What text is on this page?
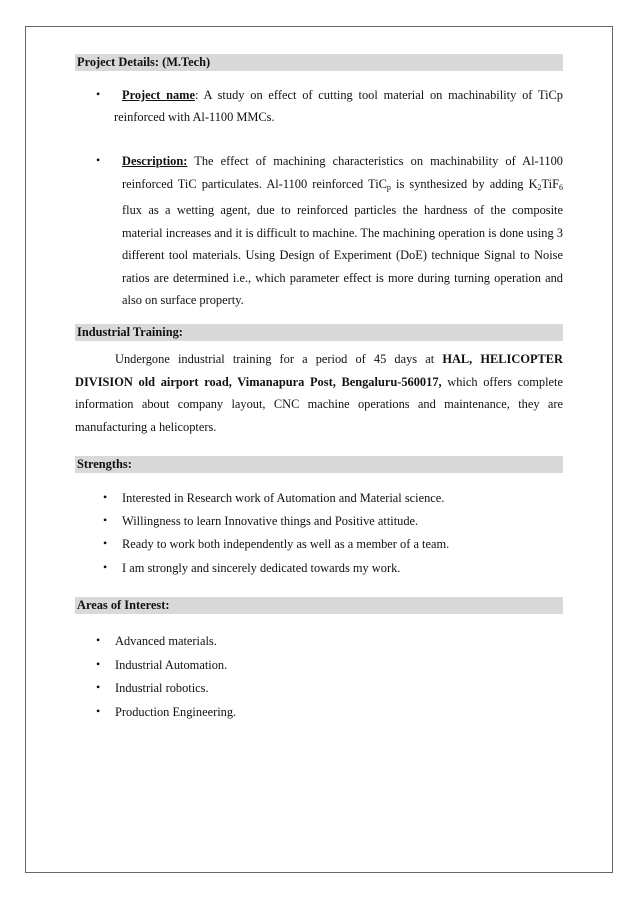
Project Details: (M.Tech)
• Project name: A study on effect of cutting tool material on machinability of TiCp
reinforced with Al-1100 MMCs.
• Description: The effect of machining characteristics on machinability of Al-1100 reinforced TiC particulates. Al-1100 reinforced TiC$_p$ is synthesized by adding $K_2TiF_6$ flux as a wetting agent, due to reinforced particles the hardness of the composite material increases and it is difficult to machine. The machining operation is done using 3 different tool materials. Using Design of Experiment (DoE) technique Signal to Noise ratios are determined i.e., which parameter effect is more during turning operation and also on surface property.
Industrial Training:
Undergone industrial training for a period of 45 days at HAL, HELICOPTER DIVISION old airport road, Vimanapura Post, Bengaluru-560017, which offers complete information about company layout, CNC machine operations and maintenance, they are manufacturing a helicopters.
Strengths:
• Interested in Research work of Automation and Material science.
• Willingness to learn Innovative things and Positive attitude.
• Ready to work both independently as well as a member of a team.
• I am strongly and sincerely dedicated towards my work.
Areas of Interest:
• Advanced materials.
• Industrial Automation.
• Industrial robotics.
• Production Engineering.
